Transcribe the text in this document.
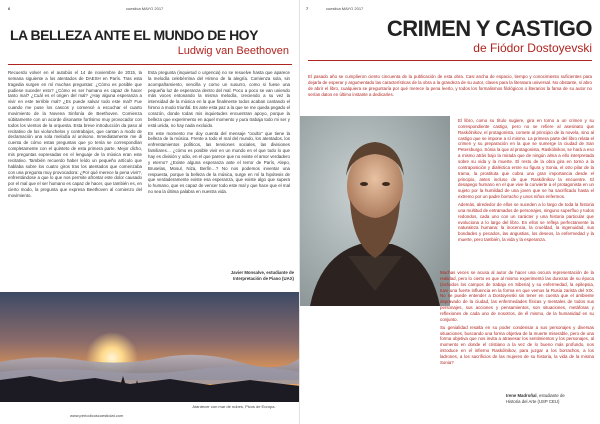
6	cuestica MAYO 2017
LA BELLEZA ANTE EL MUNDO DE HOY
Ludwig van Beethoven

Recuerdo volver en el autobús el 14 de noviembre de 2015, la semana siguiente a los atentados de DAESH en París. Tras esta tragedia surgen en mí muchas preguntas: ¿Cómo es posible que pudiese suceder esto? ¿Cómo es ser humano es capaz de hacer tanto mal? ¿Cuál es el origen del mal? ¿Hay alguna esperanza a vivir en este terrible mal? ¿Es puede salvar todo este mal? Fue cuando me puse los cascos y comencé a escuchar el cuarto movimiento de la Novena Sinfonía de Beethoven. Comienza súbitamente con un acorde disonante fortísimo muy provocador con todos los vientos de la orquesta. Esta breve introducción da paso al recitativo de los violonchelos y contrabajos, que cantan a modo de declamación una sola melodía al unísono. Inmediatamente me di cuenta de cómo estas preguntas que yo tenía se correspondían completamente con el quinteto de esta primera parte. Mejor dicho, mis preguntas expresadas en el lenguaje de la música eran este recitativo. También recuerdo haber leído un pequeño artículo que hablaba sobre los cuatro giros tras los atentados que comenzaba con una pregunta muy provocadora: ¿Por qué merece la pena vivir?, enfrentándose a que lo que nos permite afrontar este dolor causado por el mal que el ser humano es capaz de hacer, que también es, en cierto modo, la pregunta que expresa Beethoven al comienzo del movimiento.

Esta pregunta (inquietud o urgencia) no se resuelve hasta que aparece la melodía celebérrima del Himno de la alegría. Comienza sola, sin acompañamiento, sencilla y como un susurro, como si fuese una pequeña luz de esperanza dentro del mal. Poco a poco se van uniendo más voces entonando la misma melodía, creciendo a su vez la intensidad de la música en la que finalmente todos acaban cantando el himno a modo triunfal. Es ante esta paz a la que se me queda pegado el corazón, donde todas mis inquietudes encuentran apoyo, porque la belleza que experimento en aquel momento y pura trabaja todo mi ser y está unida, no hay nada excluido.

En este momento me doy cuenta del mensaje “oculto” que tiene la belleza de la música. Frente a todo el mal del mundo, los atentados, los enfrentamientos políticos, las tensiones sociales, las divisiones familiares… ¿cómo es posible vivir en un mundo en el que todo lo que hay es división y odio, en el que parece que no existe el amor verdadero y eterno? ¿Existe alguna esperanza ante el terror de París, Alepo, Bruselas, Mosul, Niza, Berlín…? No nos podemos inventar una respuesta, porque la belleza de la música, surge en mí la hipótesis de que verdaderamente existe esa esperanza, que existe algo que supera lo humano, que es capaz de vencer todo este mal y que hace que el mal no sea la última palabra en nuestra vida.

Javier Monsalve, estudiante de
Interpretación de Piano (UAX)
Atardecer con mar de nubes, Picos de Europa.
www.periodicoscuestiolat.com
7	cuestica MAYO 2017
CRIMEN Y CASTIGO
de Fiódor Dostoyevski

El pasado año se cumplieron ciento cincuenta de la publicación de esta obra. Casi ancha de espacio, tiempo y conocimiento suficientes para dejarla de esperar y argumentado las características de la obra a la grandeza de su autor, claves para la literatura universal. No obstante, si abro de abrir el libro, cualquiera se preguntaría por qué merece la pena leerlo, y todos los formalismos filológicos o literarios la fama de su autor no serían datos en último instante a dedicarles.

El libro, como su título sugiere, gira en torno a un crimen y su correspondiente castigo, pero no se refiere al asesinato que Raskólnikov, el protagonista, comete al principio de la novela, sino al castigo que se impone a sí mismo. La primera parte del libro relata el crimen y su preparación en la que se sumerge la ciudad de San Petersburgo. Sónia la que al protagonista, Raskólnikov, se hará a eso a mismo atrás bajo la mirada que de ningún alma a ello interpretada sobre su vida y la muerte. El resto de la obra gira en torno a la contraposición y dialéctica entre su figura y Sonia, el otro pilar de la trama, la prostituta que cobra una gran importancia desde el principio, antes incluso de que Raskólnikov la encuentre. El desapego humano en el que vive la convierte a el protagonista en un sujeto por la humildad de una joven que se ha sacrificado hasta el extremo por un padre borracho y unos niños enfermos.

Además, alrededor de ellos se suceden a lo largo de toda la historia una multitud de entramados de personajes, ninguno superfluo y todos redondos, cada uno con un carácter y una historia particular que evoluciona a lo largo del libro. En ellos se refleja perfectamente la naturaleza humana: la inocencia, la crueldad, la ingenuidad, sus bondades y pecados, las angustias, los deseos, la enfermedad y la muerte, pero también, la vida y la esperanza.

Muchas veces se acusa al autor de hacer una oscura representación de la realidad, pero lo cierto es que al mismo experimentó las durezas de su época (incluidos los campos de trabajo en Siberia) y su enfermedad, la epilepsia, tuvo una fuerte influencia en la forma en que vemos la Rusia zarista del XIX. No se puede entender a Dostoyevski sin tener en cuenta que el ambiente depravado de la ciudad, las enfermedades físicas y mentales de todos sus personajes, sus acciones y pensamientos, son situaciones, metáforas y reflexiones de cada uno de nosotros, de él mismo, de la humanidad en su conjunto.

Su genialidad resalta en su poder condensar a sus personajes y diversas situaciones, buscando una forma objetiva de la muerte miserable, pero de una forma objetiva que nos invita a atravesar los sentimientos y los personajes, al momento en donde el cristiano a la vez de lo bueno más profundo, nos introduce en el infierno Raskólnikov, para juzgar a los borrachos, a los ladrones, a los sacrificios de las mujeres de su historia, la vida de la misma Sonia?

Irene Madroñal, estudiante de
Historia del Arte (USP CEU)
